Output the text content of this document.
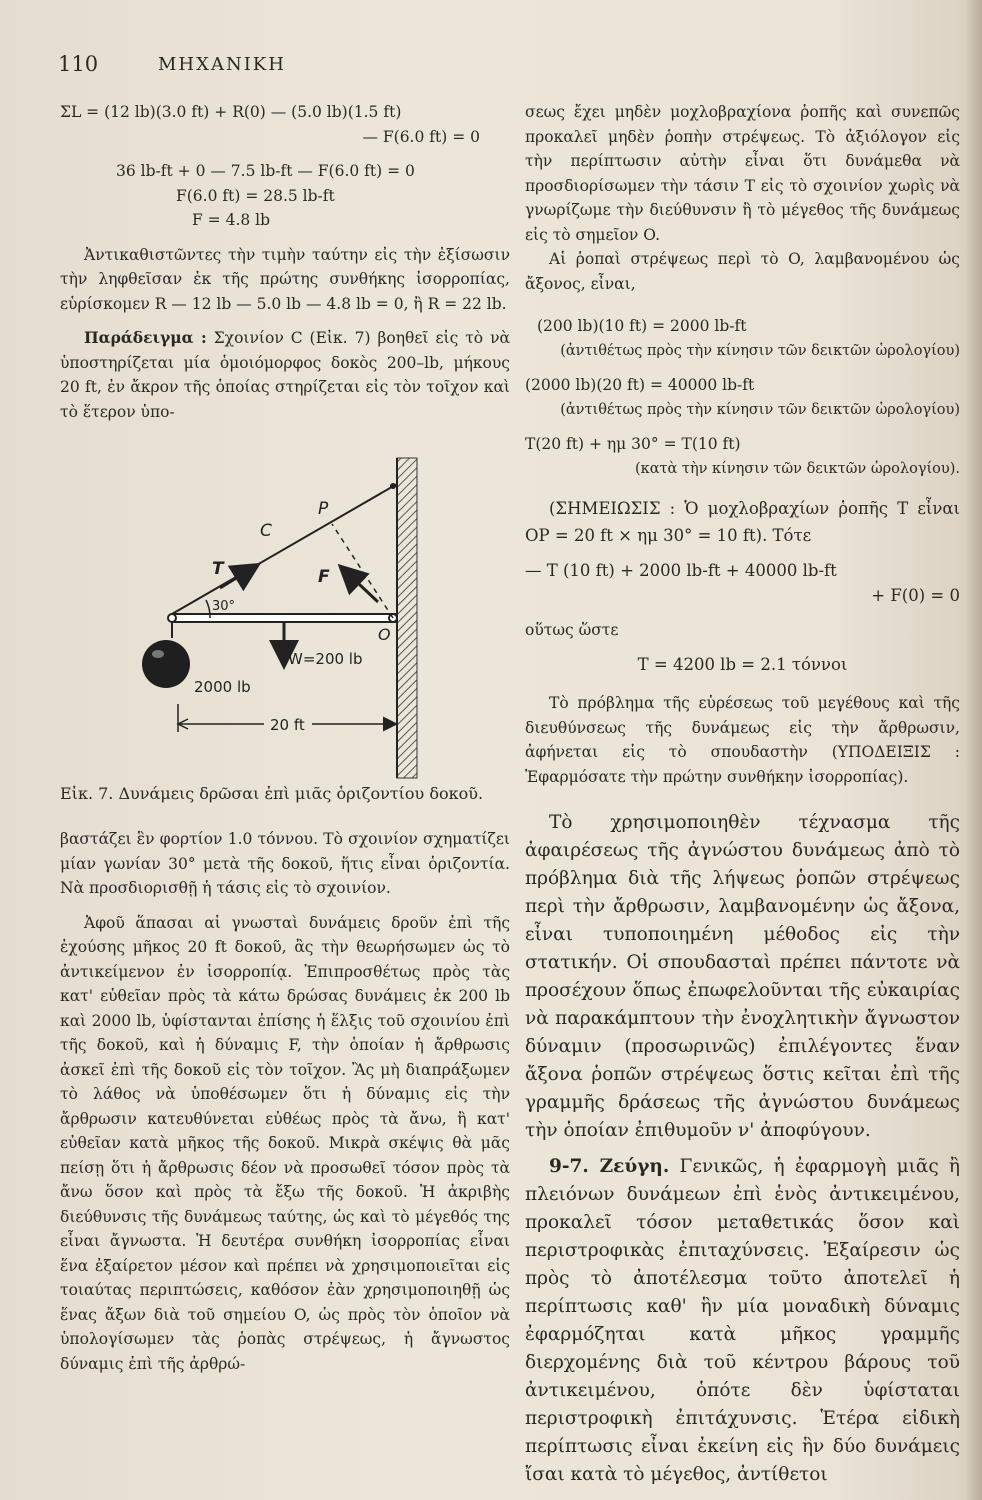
110	ΜΗΧΑΝΙΚΗ
ΣL = (12 lb)(3.0 ft) + R(0) — (5.0 lb)(1.5 ft)
— F(6.0 ft) = 0
36 lb-ft + 0 — 7.5 lb-ft — F(6.0 ft) = 0
F(6.0 ft) = 28.5 lb-ft
F = 4.8 lb

Ἀντικαθιστῶντες τὴν τιμὴν ταύτην εἰς τὴν ἐξίσωσιν τὴν ληφθεῖσαν ἐκ τῆς πρώτης συνθήκης ἰσορροπίας, εὑρίσκομεν R — 12 lb — 5.0 lb — 4.8 lb = 0, ἢ R = 22 lb.

Παράδειγμα : Σχοινίον C (Εἰκ. 7) βοηθεῖ εἰς τὸ νὰ ὑποστηρίζεται μία ὁμοιόμορφος δοκὸς 200–lb, μήκους 20 ft, ἐν ἄκρον τῆς ὁποίας στηρίζεται εἰς τὸν τοῖχον καὶ τὸ ἕτερον ὑπο-

C
P
T	F
O
30°
W=200 lb
2000 lb
20 ft

Εἰκ. 7. Δυνάμεις δρῶσαι ἐπὶ μιᾶς ὁριζοντίου δοκοῦ.

βαστάζει ἓν φορτίον 1.0 τόννου. Τὸ σχοινίον σχηματίζει μίαν γωνίαν 30° μετὰ τῆς δοκοῦ, ἥτις εἶναι ὁριζοντία. Νὰ προσδιορισθῇ ἡ τάσις εἰς τὸ σχοινίον.

Ἀφοῦ ἅπασαι αἱ γνωσταὶ δυνάμεις δροῦν ἐπὶ τῆς ἐχούσης μῆκος 20 ft δοκοῦ, ἂς τὴν θεωρήσωμεν ὡς τὸ ἀντικείμενον ἐν ἰσορροπίᾳ. Ἐπιπροσθέτως πρὸς τὰς κατ' εὐθεῖαν πρὸς τὰ κάτω δρώσας δυνάμεις ἐκ 200 lb καὶ 2000 lb, ὑφίστανται ἐπίσης ἡ ἕλξις τοῦ σχοινίου ἐπὶ τῆς δοκοῦ, καὶ ἡ δύναμις F, τὴν ὁποίαν ἡ ἄρθρωσις ἀσκεῖ ἐπὶ τῆς δοκοῦ εἰς τὸν τοῖχον. Ἂς μὴ διαπράξωμεν τὸ λάθος νὰ ὑποθέσωμεν ὅτι ἡ δύναμις εἰς τὴν ἄρθρωσιν κατευθύνεται εὐθέως πρὸς τὰ ἄνω, ἢ κατ' εὐθεῖαν κατὰ μῆκος τῆς δοκοῦ. Μικρὰ σκέψις θὰ μᾶς πείσῃ ὅτι ἡ ἄρθρωσις δέον νὰ προσωθεῖ τόσον πρὸς τὰ ἄνω ὅσον καὶ πρὸς τὰ ἔξω τῆς δοκοῦ. Ἡ ἀκριβὴς διεύθυνσις τῆς δυνάμεως ταύτης, ὡς καὶ τὸ μέγεθός της εἶναι ἄγνωστα. Ἡ δευτέρα συνθήκη ἰσορροπίας εἶναι ἕνα ἐξαίρετον μέσον καὶ πρέπει νὰ χρησιμοποιεῖται εἰς τοιαύτας περιπτώσεις, καθόσον ἐὰν χρησιμοποιηθῇ ὡς ἕνας ἄξων διὰ τοῦ σημείου O, ὡς πρὸς τὸν ὁποῖον νὰ ὑπολογίσωμεν τὰς ῥοπὰς στρέψεως, ἡ ἄγνωστος δύναμις ἐπὶ τῆς ἀρθρώ-

σεως ἔχει μηδὲν μοχλοβραχίονα ῥοπῆς καὶ συνεπῶς προκαλεῖ μηδὲν ῥοπὴν στρέψεως. Τὸ ἀξιόλογον εἰς τὴν περίπτωσιν αὐτὴν εἶναι ὅτι δυνάμεθα νὰ προσδιορίσωμεν τὴν τάσιν T εἰς τὸ σχοινίον χωρὶς νὰ γνωρίζωμε τὴν διεύθυνσιν ἢ τὸ μέγεθος τῆς δυνάμεως εἰς τὸ σημεῖον O.

Αἱ ῥοπαὶ στρέψεως περὶ τὸ O, λαμβανομένου ὡς ἄξονος, εἶναι,

(200 lb)(10 ft) = 2000 lb-ft
(ἀντιθέτως πρὸς τὴν κίνησιν τῶν δεικτῶν ὡρολογίου)
(2000 lb)(20 ft) = 40000 lb-ft
(ἀντιθέτως πρὸς τὴν κίνησιν τῶν δεικτῶν ὡρολογίου)
T(20 ft) + ημ 30° = T(10 ft)
(κατὰ τὴν κίνησιν τῶν δεικτῶν ὡρολογίου).

(ΣΗΜΕΙΩΣΙΣ : Ὁ μοχλοβραχίων ῥοπῆς T εἶναι OP = 20 ft × ημ 30° = 10 ft). Τότε

— T (10 ft) + 2000 lb-ft + 40000 lb-ft
+ F(0) = 0
οὕτως ὥστε
T = 4200 lb = 2.1 τόννοι

Τὸ πρόβλημα τῆς εὑρέσεως τοῦ μεγέθους καὶ τῆς διευθύνσεως τῆς δυνάμεως εἰς τὴν ἄρθρωσιν, ἀφήνεται εἰς τὸ σπουδαστὴν (ΥΠΟΔΕΙΞΙΣ : Ἐφαρμόσατε τὴν πρώτην συνθήκην ἰσορροπίας).

Τὸ χρησιμοποιηθὲν τέχνασμα τῆς ἀφαιρέσεως τῆς ἀγνώστου δυνάμεως ἀπὸ τὸ πρόβλημα διὰ τῆς λήψεως ῥοπῶν στρέψεως περὶ τὴν ἄρθρωσιν, λαμβανομένην ὡς ἄξονα, εἶναι τυποποιημένη μέθοδος εἰς τὴν στατικήν. Οἱ σπουδασταὶ πρέπει πάντοτε νὰ προσέχουν ὅπως ἐπωφελοῦνται τῆς εὐκαιρίας νὰ παρακάμπτουν τὴν ἐνοχλητικὴν ἄγνωστον δύναμιν (προσωρινῶς) ἐπιλέγοντες ἕναν ἄξονα ῥοπῶν στρέψεως ὅστις κεῖται ἐπὶ τῆς γραμμῆς δράσεως τῆς ἀγνώστου δυνάμεως τὴν ὁποίαν ἐπιθυμοῦν ν' ἀποφύγουν.

9-7. Ζεύγη. Γενικῶς, ἡ ἐφαρμογὴ μιᾶς ἢ πλειόνων δυνάμεων ἐπὶ ἑνὸς ἀντικειμένου, προκαλεῖ τόσον μεταθετικάς ὅσον καὶ περιστροφικὰς ἐπιταχύνσεις. Ἐξαίρεσιν ὡς πρὸς τὸ ἀποτέλεσμα τοῦτο ἀποτελεῖ ἡ περίπτωσις καθ' ἣν μία μοναδικὴ δύναμις ἐφαρμόζηται κατὰ μῆκος γραμμῆς διερχομένης διὰ τοῦ κέντρου βάρους τοῦ ἀντικειμένου, ὁπότε δὲν ὑφίσταται περιστροφικὴ ἐπιτάχυνσις. Ἑτέρα εἰδικὴ περίπτωσις εἶναι ἐκείνη εἰς ἣν δύο δυνάμεις ἴσαι κατὰ τὸ μέγεθος, ἀντίθετοι
